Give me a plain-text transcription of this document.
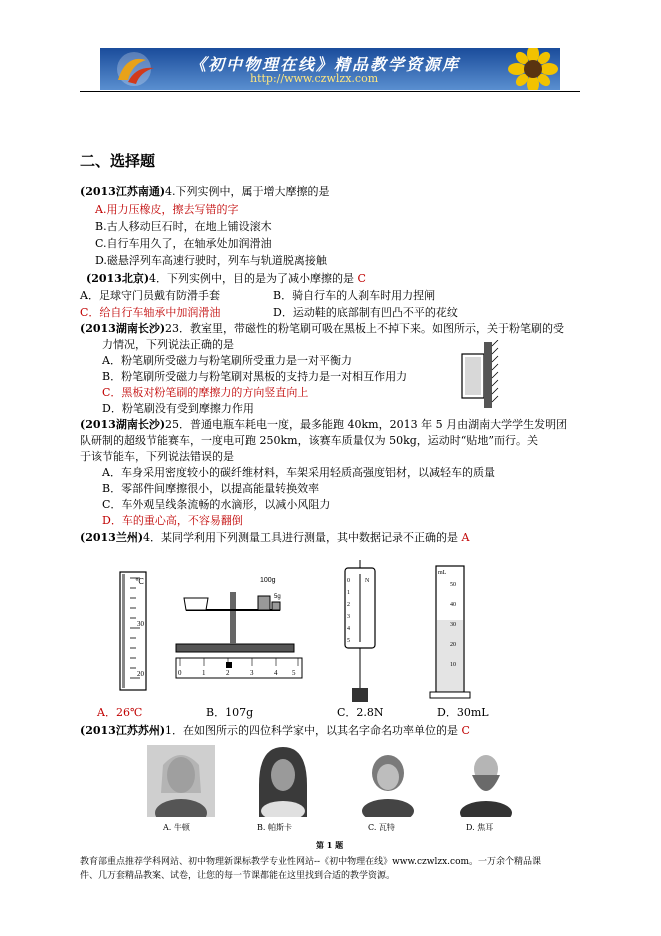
《初中物理在线》精品教学资源库
http://www.czwlzx.com
二、选择题
(2013江苏南通)4.下列实例中，属于增大摩擦的是
A.用力压橡皮，擦去写错的字
B.古人移动巨石时，在地上铺设滚木
C.自行车用久了，在轴承处加润滑油
D.磁悬浮列车高速行驶时，列车与轨道脱离接触
(2013北京)4．下列实例中，目的是为了减小摩擦的是 C
A．足球守门员戴有防滑手套	B．骑自行车的人刹车时用力捏闸
C．给自行车轴承中加润滑油	D．运动鞋的底部制有凹凸不平的花纹
(2013湖南长沙)23．教室里，带磁性的粉笔刷可吸在黑板上不掉下来。如图所示，关于粉笔刷的受
力情况，下列说法正确的是
A．粉笔刷所受磁力与粉笔刷所受重力是一对平衡力
B．粉笔刷所受磁力与粉笔刷对黑板的支持力是一对相互作用力
C．黑板对粉笔刷的摩擦力的方向竖直向上
D．粉笔刷没有受到摩擦力作用
(2013湖南长沙)25．普通电瓶车耗电一度，最多能跑 40km，2013 年 5 月由湖南大学学生发明团
队研制的超级节能赛车，一度电可跑 250km，该赛车质量仅为 50kg，运动时“贴地”而行。关
于该节能车，下列说法错误的是
A．车身采用密度较小的碳纤维材料，车架采用轻质高强度铝材，以减轻车的质量
B．零部件间摩擦很小，以提高能量转换效率
C．车外观呈线条流畅的水滴形，以减小风阻力
D．车的重心高，不容易翻倒
(2013兰州)4．某同学利用下列测量工具进行测量，其中数据记录不正确的是 A
℃
30
20
100g
5g
0	1	2	3	4 5
0
1
2
3
4
5
N
mL
50
40
30
20
10
A．26℃	B．107g	C．2.8N	D．30mL
(2013江苏苏州)1．在如图所示的四位科学家中，以其名字命名功率单位的是 C
A. 牛顿	B. 帕斯卡	C. 瓦特	D. 焦耳
第 1 题
教育部重点推荐学科网站、初中物理新课标教学专业性网站--《初中物理在线》www.czwlzx.com。一万余个精品课
件、几万套精品教案、试卷，让您的每一节课都能在这里找到合适的教学资源。
